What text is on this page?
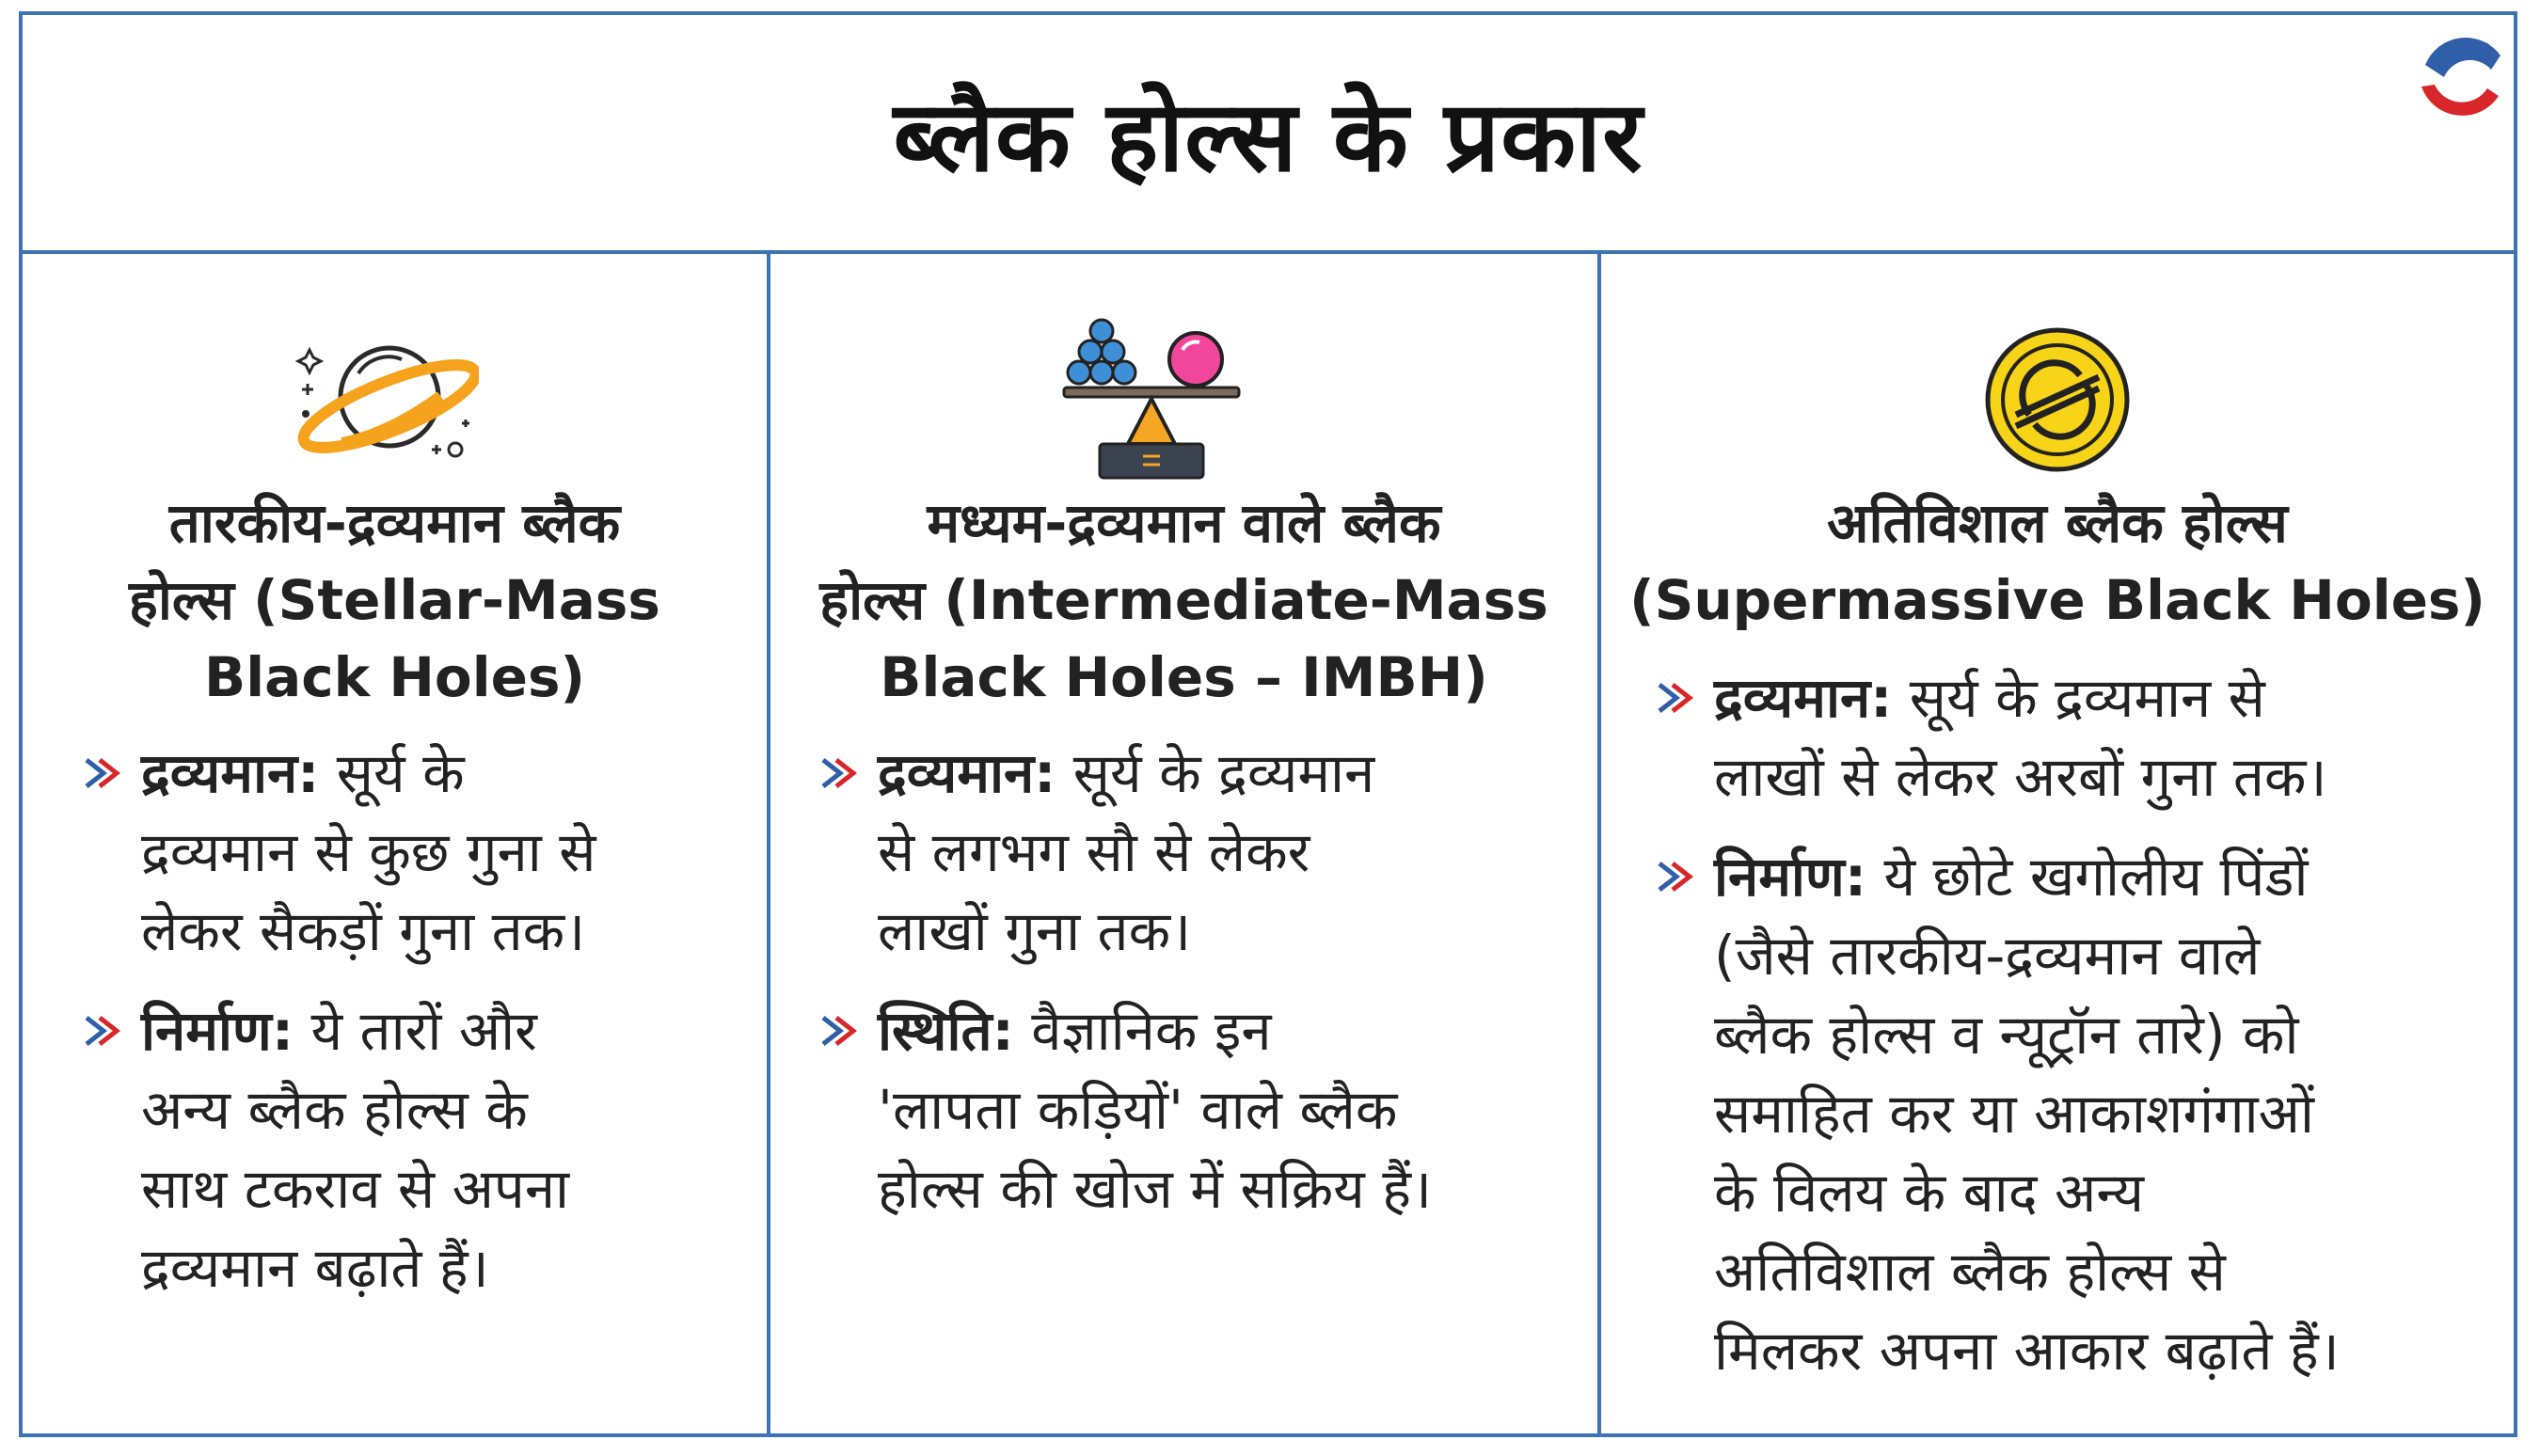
ब्लैक होल्स के प्रकार
तारकीय-द्रव्यमान ब्लैक
होल्स (Stellar-Mass
Black Holes)
द्रव्यमान: सूर्य के
द्रव्यमान से कुछ गुना से
लेकर सैकड़ों गुना तक।
निर्माण: ये तारों और
अन्य ब्लैक होल्स के
साथ टकराव से अपना
द्रव्यमान बढ़ाते हैं।
मध्यम-द्रव्यमान वाले ब्लैक
होल्स (Intermediate-Mass
Black Holes – IMBH)
द्रव्यमान: सूर्य के द्रव्यमान
से लगभग सौ से लेकर
लाखों गुना तक।
स्थिति: वैज्ञानिक इन
'लापता कड़ियों' वाले ब्लैक
होल्स की खोज में सक्रिय हैं।
अतिविशाल ब्लैक होल्स
(Supermassive Black Holes)
द्रव्यमान: सूर्य के द्रव्यमान से
लाखों से लेकर अरबों गुना तक।
निर्माण: ये छोटे खगोलीय पिंडों
(जैसे तारकीय-द्रव्यमान वाले
ब्लैक होल्स व न्यूट्रॉन तारे) को
समाहित कर या आकाशगंगाओं
के विलय के बाद अन्य
अतिविशाल ब्लैक होल्स से
मिलकर अपना आकार बढ़ाते हैं।
